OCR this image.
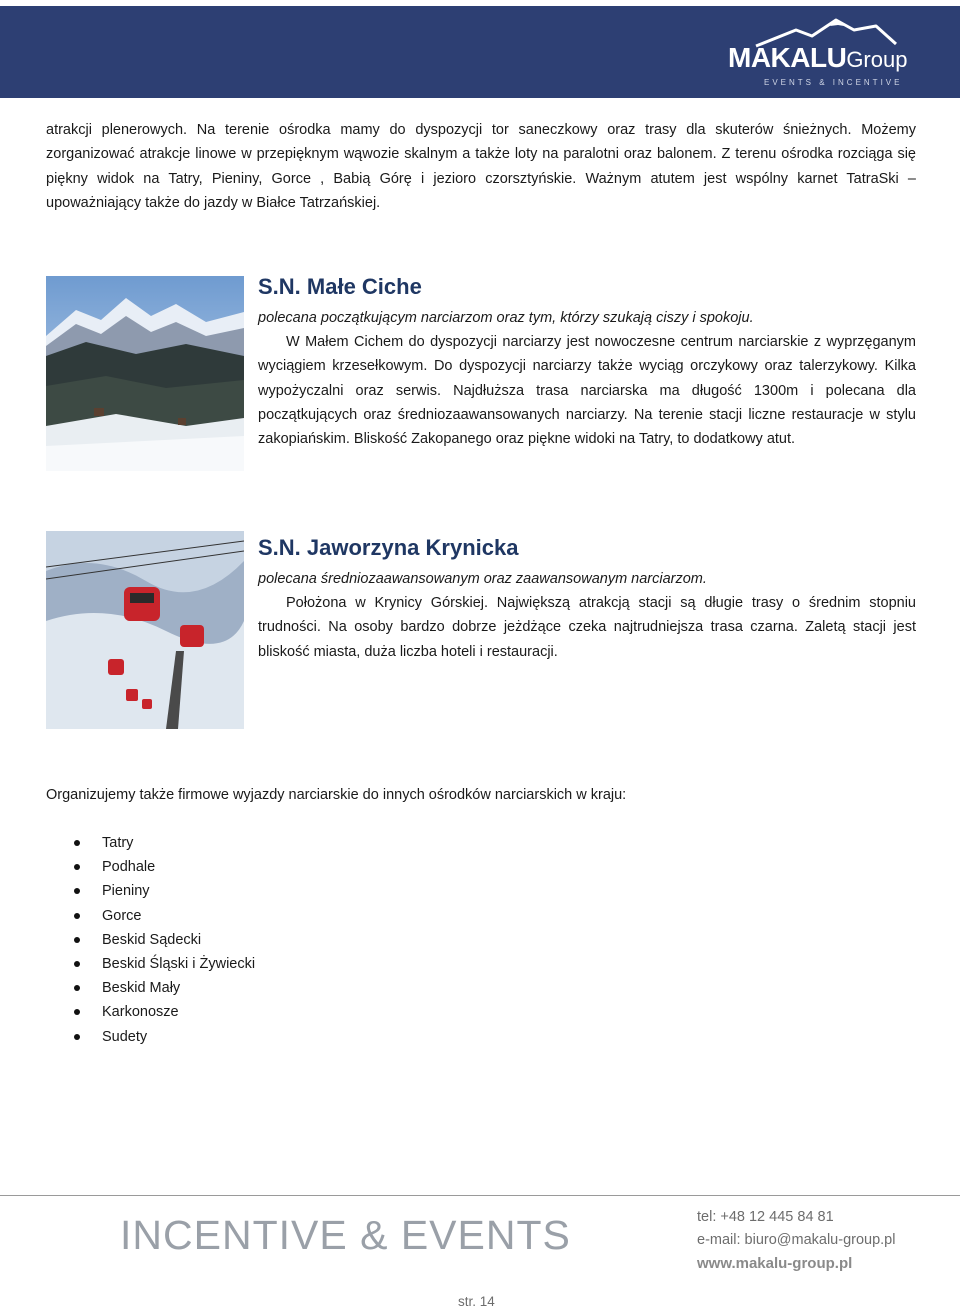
MAKALUGroup
EVENTS & INCENTIVE
atrakcji plenerowych. Na terenie ośrodka mamy do dyspozycji tor saneczkowy oraz trasy dla skuterów śnieżnych. Możemy zorganizować atrakcje linowe w przepięknym wąwozie skalnym a także loty na paralotni oraz balonem. Z terenu ośrodka rozciąga się piękny widok na Tatry, Pieniny, Gorce , Babią Górę i jezioro czorsztyńskie. Ważnym atutem jest wspólny karnet TatraSki – upoważniający także do jazdy w Białce Tatrzańskiej.
S.N. Małe Ciche
polecana początkującym narciarzom oraz tym, którzy szukają ciszy i spokoju.
W Małem Cichem do dyspozycji narciarzy jest nowoczesne centrum narciarskie z wyprzęganym wyciągiem krzesełkowym. Do dyspozycji narciarzy także wyciąg orczykowy oraz talerzykowy. Kilka wypożyczalni oraz serwis. Najdłuższa trasa narciarska ma długość 1300m i polecana dla początkujących oraz średniozaawansowanych narciarzy. Na terenie stacji liczne restauracje w stylu zakopiańskim. Bliskość Zakopanego oraz piękne widoki na Tatry, to dodatkowy atut.
S.N. Jaworzyna Krynicka
polecana średniozaawansowanym oraz zaawansowanym narciarzom.
Położona w Krynicy Górskiej. Największą atrakcją stacji są długie trasy o średnim stopniu trudności. Na osoby bardzo dobrze jeżdżące czeka najtrudniejsza trasa czarna. Zaletą stacji jest bliskość miasta, duża liczba hoteli i restauracji.
Organizujemy także firmowe wyjazdy narciarskie do innych ośrodków narciarskich w kraju:
Tatry
Podhale
Pieniny
Gorce
Beskid Sądecki
Beskid Śląski i Żywiecki
Beskid Mały
Karkonosze
Sudety
INCENTIVE & EVENTS	tel: +48 12 445 84 81
e-mail: biuro@makalu-group.pl
www.makalu-group.pl
str. 14
